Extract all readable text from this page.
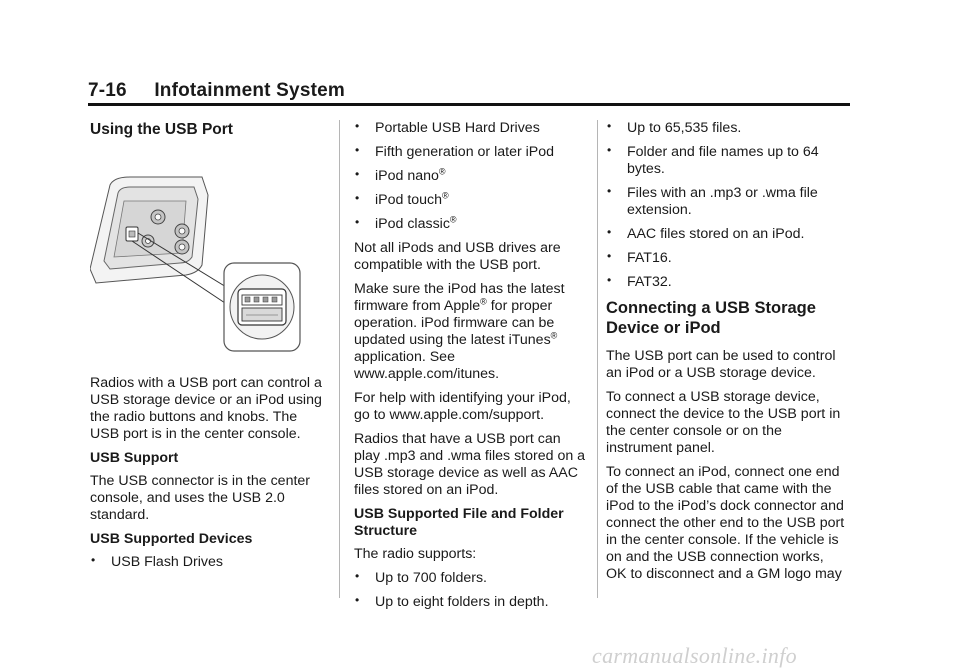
7-16 Infotainment System
Using the USB Port

Radios with a USB port can control a USB storage device or an iPod using the radio buttons and knobs. The USB port is in the center console.

USB Support

The USB connector is in the center console, and uses the USB 2.0 standard.

USB Supported Devices

• USB Flash Drives
• Portable USB Hard Drives
• Fifth generation or later iPod
• iPod nano®
• iPod touch®
• iPod classic®

Not all iPods and USB drives are compatible with the USB port.

Make sure the iPod has the latest firmware from Apple® for proper operation. iPod firmware can be updated using the latest iTunes® application. See www.apple.com/itunes.

For help with identifying your iPod, go to www.apple.com/support.

Radios that have a USB port can play .mp3 and .wma files stored on a USB storage device as well as AAC files stored on an iPod.

USB Supported File and Folder Structure

The radio supports:

• Up to 700 folders.
• Up to eight folders in depth.
• Up to 65,535 files.
• Folder and file names up to 64 bytes.
• Files with an .mp3 or .wma file extension.
• AAC files stored on an iPod.
• FAT16.
• FAT32.
Connecting a USB Storage Device or iPod

The USB port can be used to control an iPod or a USB storage device.

To connect a USB storage device, connect the device to the USB port in the center console or on the instrument panel.

To connect an iPod, connect one end of the USB cable that came with the iPod to the iPod’s dock connector and connect the other end to the USB port in the center console. If the vehicle is on and the USB connection works, OK to disconnect and a GM logo may

carmanualsonline.info
